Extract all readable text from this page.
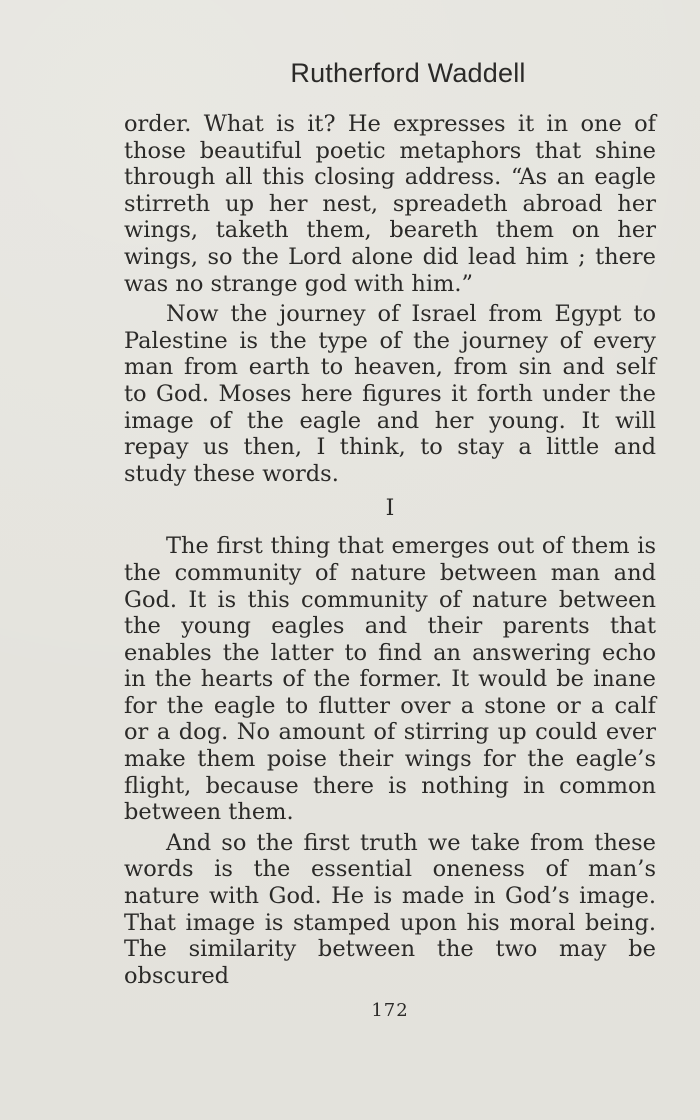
Rutherford Waddell

order. What is it? He expresses it in one of those beautiful poetic metaphors that shine through all this closing address. “As an eagle stirreth up her nest, spreadeth abroad her wings, taketh them, beareth them on her wings, so the Lord alone did lead him ; there was no strange god with him.”

Now the journey of Israel from Egypt to Palestine is the type of the journey of every man from earth to heaven, from sin and self to God. Moses here figures it forth under the image of the eagle and her young. It will repay us then, I think, to stay a little and study these words.

I

The first thing that emerges out of them is the community of nature between man and God. It is this community of nature between the young eagles and their parents that enables the latter to find an answering echo in the hearts of the former. It would be inane for the eagle to flutter over a stone or a calf or a dog. No amount of stirring up could ever make them poise their wings for the eagle’s flight, because there is nothing in common between them.

And so the first truth we take from these words is the essential oneness of man’s nature with God. He is made in God’s image. That image is stamped upon his moral being. The similarity between the two may be obscured

172
